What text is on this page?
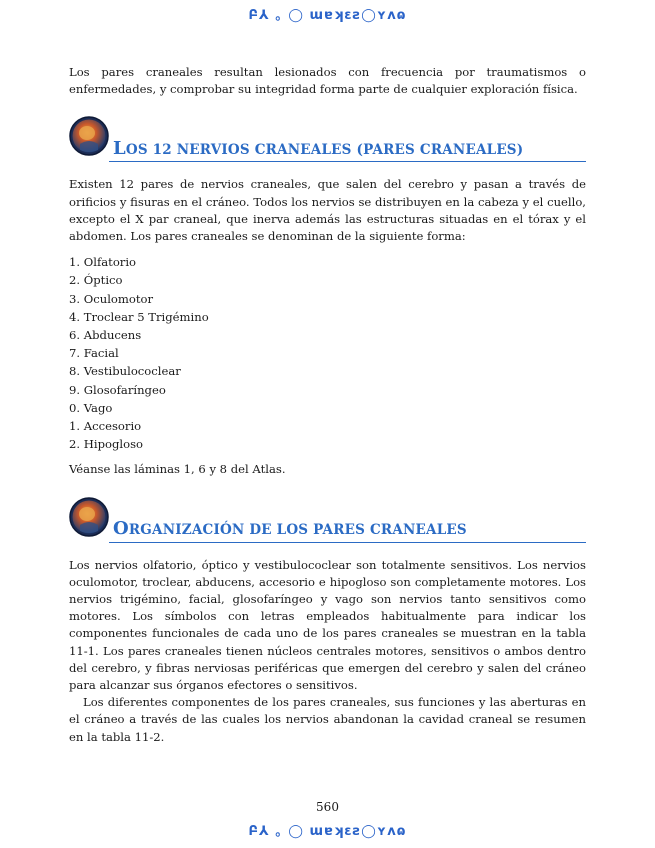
Բ⅄ ｡ ◯ ɯɐʞɛƨ◯ʏʌɷ

Los pares craneales resultan lesionados con frecuencia por traumatismos o enfermedades, y comprobar su integridad forma parte de cualquier exploración física.

LOS 12 NERVIOS CRANEALES (PARES CRANEALES)

Existen 12 pares de nervios craneales, que salen del cerebro y pasan a través de orificios y fisuras en el cráneo. Todos los nervios se distribuyen en la cabeza y el cuello, excepto el X par craneal, que inerva además las estructuras situadas en el tórax y el abdomen. Los pares craneales se denominan de la siguiente forma:

1. Olfatorio
2. Óptico
3. Oculomotor
4. Troclear 5 Trigémino
6. Abducens
7. Facial
8. Vestibulococlear
9. Glosofaríngeo
0. Vago
1. Accesorio
2. Hipogloso

Véanse las láminas 1, 6 y 8 del Atlas.

ORGANIZACIÓN DE LOS PARES CRANEALES

Los nervios olfatorio, óptico y vestibulococlear son totalmente sensitivos. Los nervios oculomotor, troclear, abducens, accesorio e hipogloso son completamente motores. Los nervios trigémino, facial, glosofaríngeo y vago son nervios tanto sensitivos como motores. Los símbolos con letras empleados habitualmente para indicar los componentes funcionales de cada uno de los pares craneales se muestran en la tabla 11-1. Los pares craneales tienen núcleos centrales motores, sensitivos o ambos dentro del cerebro, y fibras nerviosas periféricas que emergen del cerebro y salen del cráneo para alcanzar sus órganos efectores o sensitivos.

Los diferentes componentes de los pares craneales, sus funciones y las aberturas en el cráneo a través de las cuales los nervios abandonan la cavidad craneal se resumen en la tabla 11-2.

560
Բ⅄ ｡ ◯ ɯɐʞɛƨ◯ʏʌɷ
